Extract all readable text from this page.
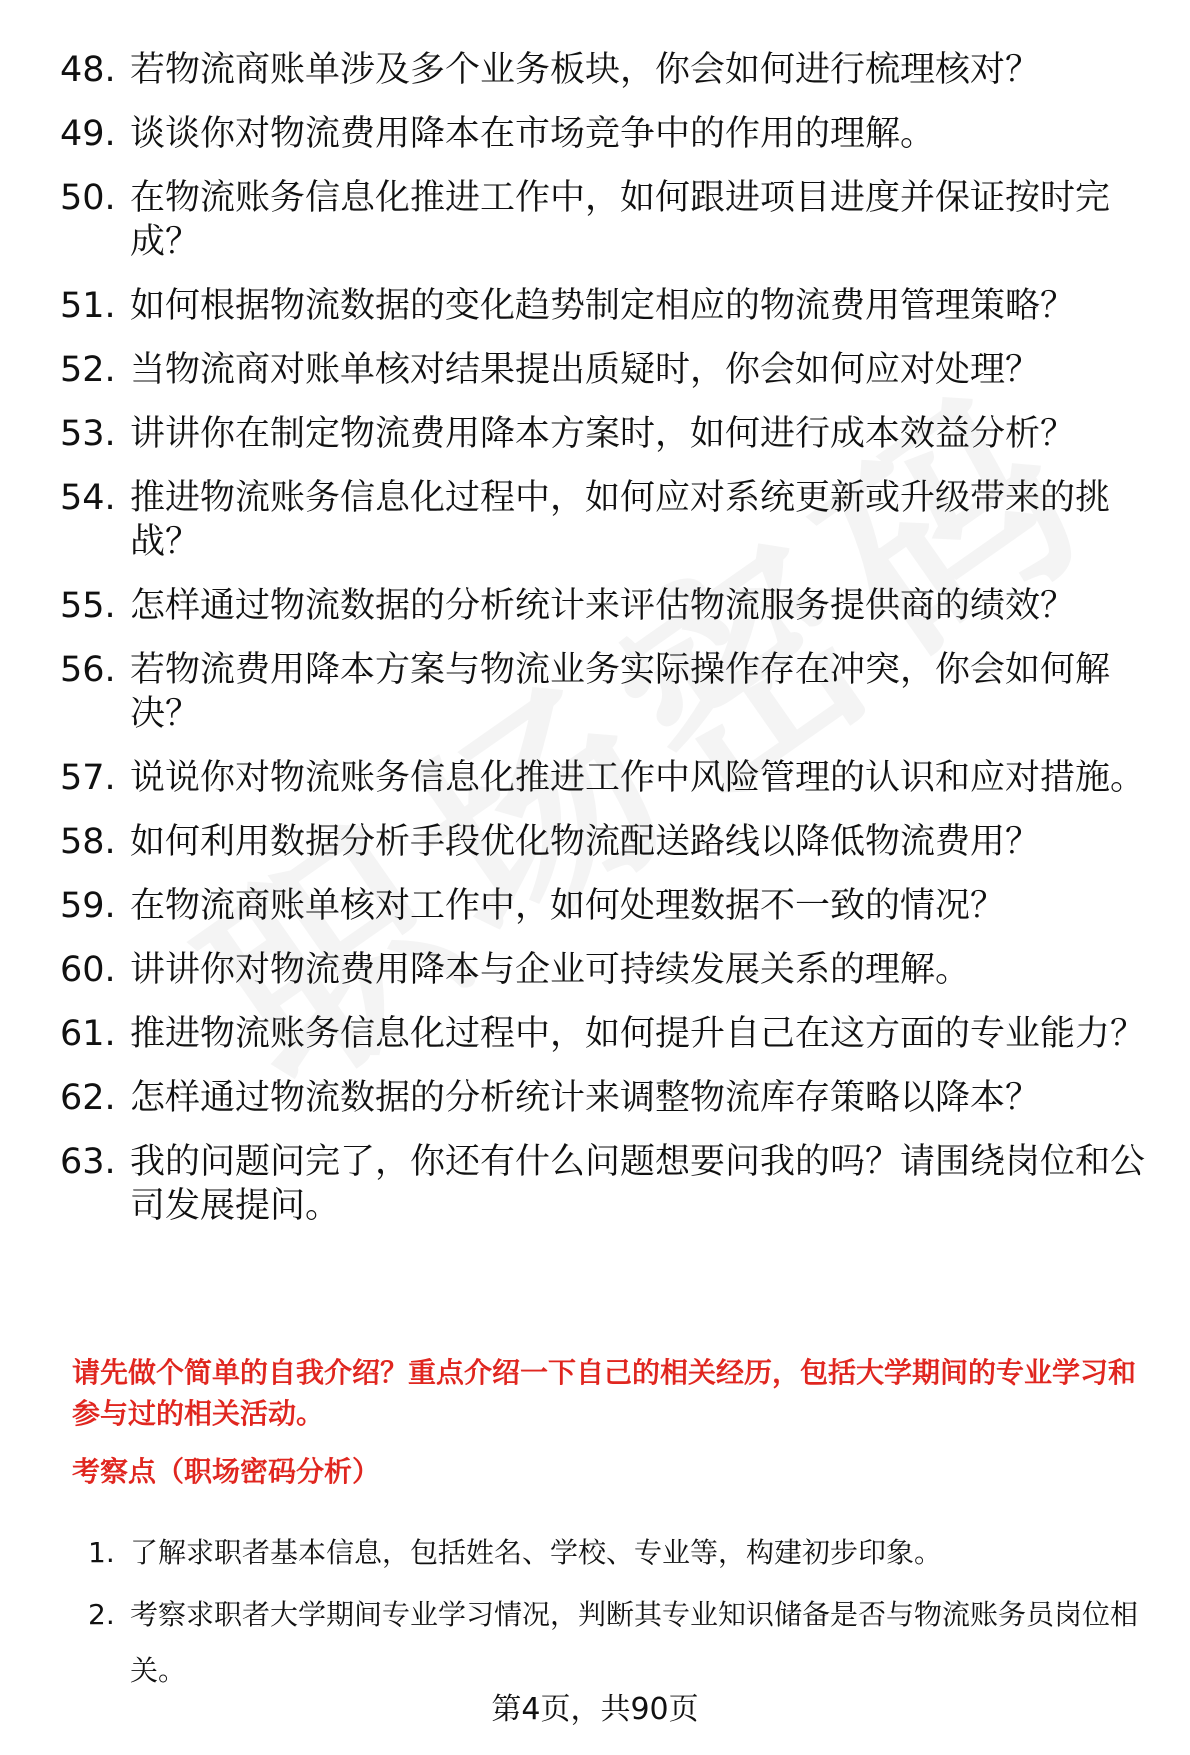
48. 若物流商账单涉及多个业务板块，你会如何进行梳理核对？
49. 谈谈你对物流费用降本在市场竞争中的作用的理解。
50. 在物流账务信息化推进工作中，如何跟进项目进度并保证按时完成？
51. 如何根据物流数据的变化趋势制定相应的物流费用管理策略？
52. 当物流商对账单核对结果提出质疑时，你会如何应对处理？
53. 讲讲你在制定物流费用降本方案时，如何进行成本效益分析？
54. 推进物流账务信息化过程中，如何应对系统更新或升级带来的挑战？
55. 怎样通过物流数据的分析统计来评估物流服务提供商的绩效？
56. 若物流费用降本方案与物流业务实际操作存在冲突，你会如何解决？
57. 说说你对物流账务信息化推进工作中风险管理的认识和应对措施。
58. 如何利用数据分析手段优化物流配送路线以降低物流费用？
59. 在物流商账单核对工作中，如何处理数据不一致的情况？
60. 讲讲你对物流费用降本与企业可持续发展关系的理解。
61. 推进物流账务信息化过程中，如何提升自己在这方面的专业能力？
62. 怎样通过物流数据的分析统计来调整物流库存策略以降本？
63. 我的问题问完了，你还有什么问题想要问我的吗？请围绕岗位和公司发展提问。
请先做个简单的自我介绍？重点介绍一下自己的相关经历，包括大学期间的专业学习和参与过的相关活动。
考察点（职场密码分析）
1. 了解求职者基本信息，包括姓名、学校、专业等，构建初步印象。
2. 考察求职者大学期间专业学习情况，判断其专业知识储备是否与物流账务员岗位相关。
第4页，共90页
